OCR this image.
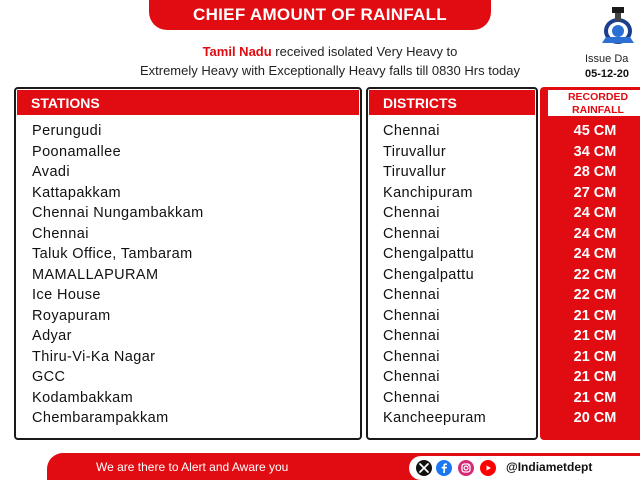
CHIEF AMOUNT OF RAINFALL
Issue Da
05-12-20
Tamil Nadu received isolated Very Heavy to
Extremely Heavy with Exceptionally Heavy falls till 0830 Hrs today
STATIONS	DISTRICTS	RECORDED
RAINFALL
Perungudi	Chennai	45 CM
Poonamallee	Tiruvallur	34 CM
Avadi	Tiruvallur	28 CM
Kattapakkam	Kanchipuram	27 CM
Chennai Nungambakkam	Chennai	24 CM
Chennai	Chennai	24 CM
Taluk Office, Tambaram	Chengalpattu	24 CM
MAMALLAPURAM	Chengalpattu	22 CM
Ice House	Chennai	22 CM
Royapuram	Chennai	21 CM
Adyar	Chennai	21 CM
Thiru-Vi-Ka Nagar	Chennai	21 CM
GCC	Chennai	21 CM
Kodambakkam	Chennai	21 CM
Chembarampakkam	Kancheepuram	20 CM
We are there to Alert and Aware you	@Indiametdept
